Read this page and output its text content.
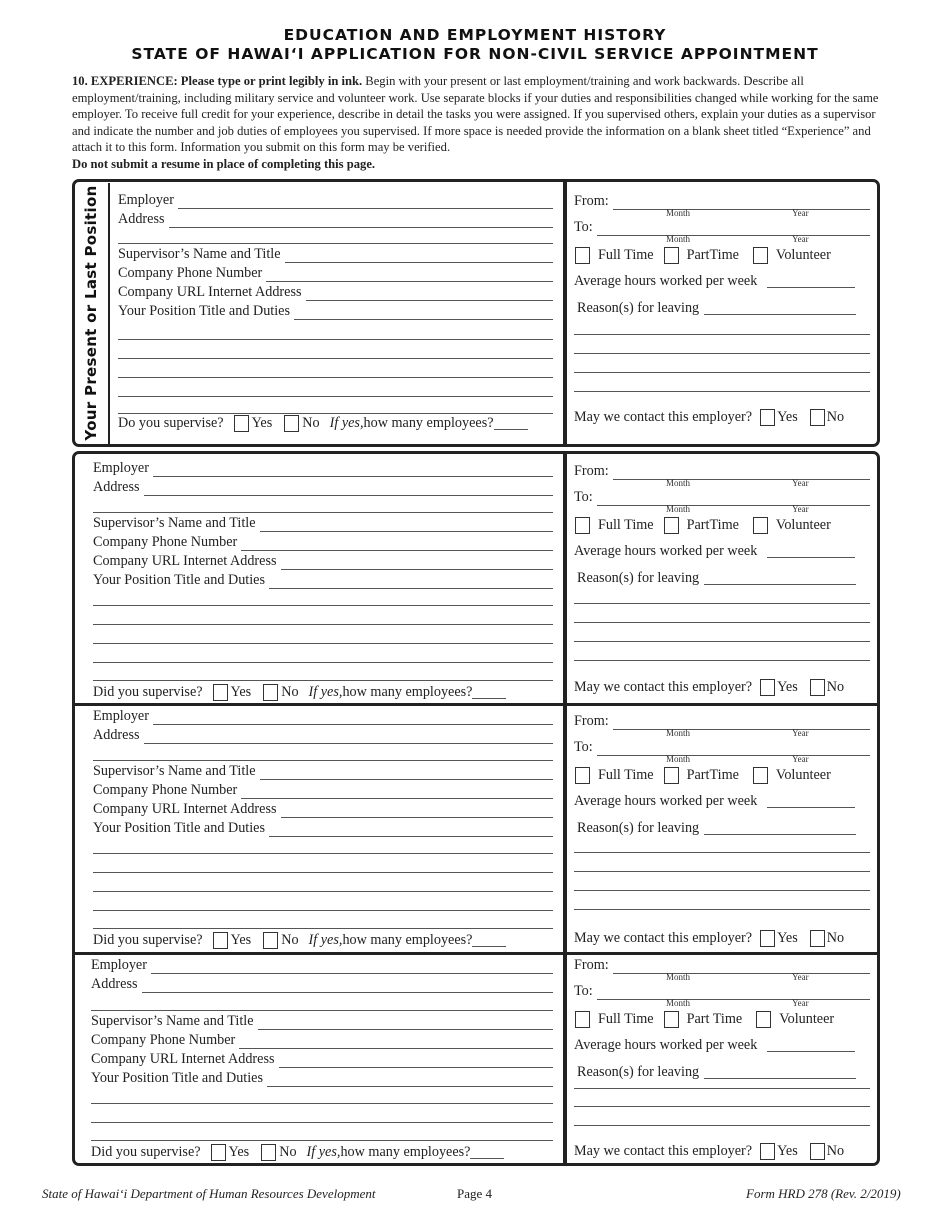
EDUCATION AND EMPLOYMENT HISTORY
STATE OF HAWAI‘I APPLICATION FOR NON-CIVIL SERVICE APPOINTMENT
10. EXPERIENCE: Please type or print legibly in ink. Begin with your present or last employment/training and work backwards. Describe all employment/training, including military service and volunteer work. Use separate blocks if your duties and responsibilities changed while working for the same employer. To receive full credit for your experience, describe in detail the tasks you were assigned. If you supervised others, explain your duties as a supervisor and indicate the number and job duties of employees you supervised. If more space is needed provide the information on a blank sheet titled “Experience” and attach it to this form. Information you submit on this form may be verified.
Do not submit a resume in place of completing this page.
Your Present or Last Position Employer
Address
Supervisor’s Name and Title
Company Phone Number
Company URL Internet Address
Your Position Title and Duties
Do you supervise? Yes No If yes, how many employees?
From:
Month	Year
To:
Month	Year
Full Time PartTime	Volunteer
Average hours worked per week
Reason(s) for leaving
May we contact this employer? Yes No
Employer
Address
Supervisor’s Name and Title
Company Phone Number
Company URL Internet Address
Your Position Title and Duties
Did you supervise? Yes No If yes, how many employees?
From:
Month	Year
To:
Month	Year
Full Time PartTime	Volunteer
Average hours worked per week
Reason(s) for leaving
May we contact this employer? Yes No
Employer
Address
Supervisor’s Name and Title
Company Phone Number
Company URL Internet Address
Your Position Title and Duties
Did you supervise? Yes No If yes, how many employees?
From:
Month	Year
To:
Month	Year
Full Time PartTime	Volunteer
Average hours worked per week
Reason(s) for leaving
May we contact this employer? Yes No
Employer
Address
Supervisor’s Name and Title
Company Phone Number
Company URL Internet Address
Your Position Title and Duties
Did you supervise? Yes No If yes, how many employees?
From:
Month	Year
To:
Month	Year
Full Time Part Time	Volunteer
Average hours worked per week
Reason(s) for leaving
May we contact this employer? Yes No
State of Hawai‘i Department of Human Resources Development	Page 4	Form HRD 278 (Rev. 2/2019)
